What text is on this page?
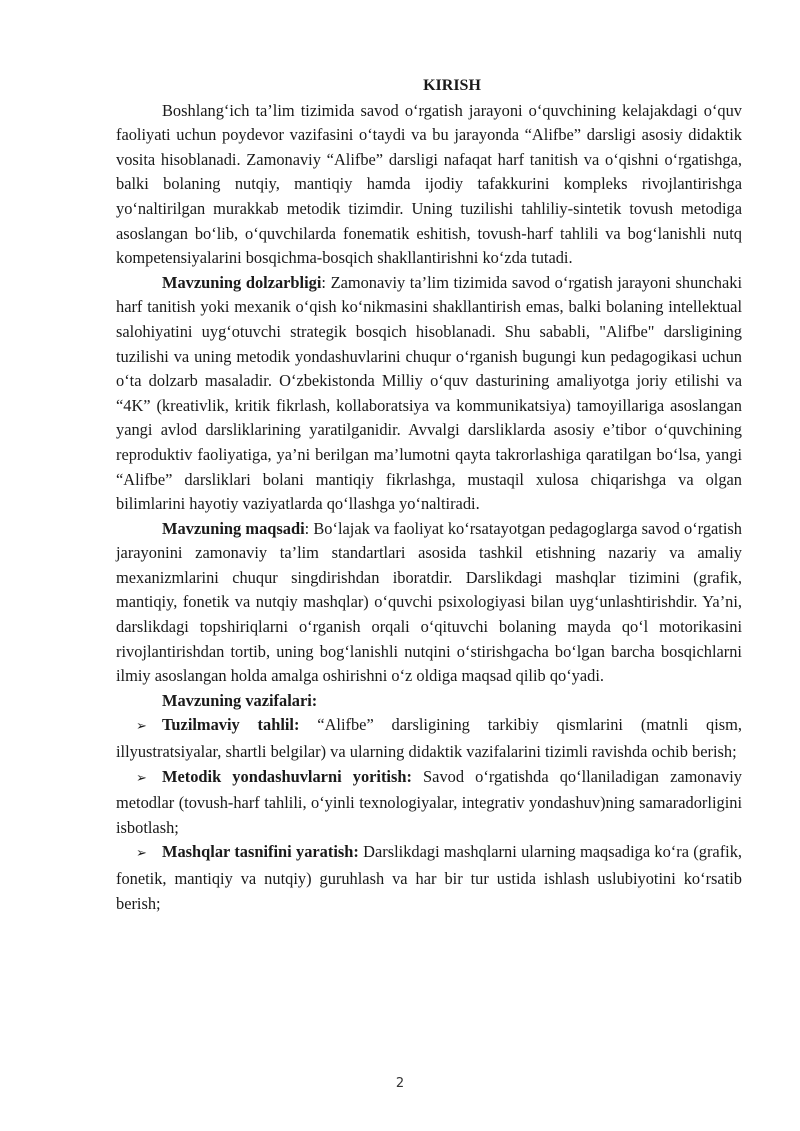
KIRISH

Boshlang‘ich ta’lim tizimida savod o‘rgatish jarayoni o‘quvchining kelajakdagi o‘quv faoliyati uchun poydevor vazifasini o‘taydi va bu jarayonda “Alifbe” darsligi asosiy didaktik vosita hisoblanadi. Zamonaviy “Alifbe” darsligi nafaqat harf tanitish va o‘qishni o‘rgatishga, balki bolaning nutqiy, mantiqiy hamda ijodiy tafakkurini kompleks rivojlantirishga yo‘naltirilgan murakkab metodik tizimdir. Uning tuzilishi tahliliy-sintetik tovush metodiga asoslangan bo‘lib, o‘quvchilarda fonematik eshitish, tovush-harf tahlili va bog‘lanishli nutq kompetensiyalarini bosqichma-bosqich shakllantirishni ko‘zda tutadi.

Mavzuning dolzarbligi: Zamonaviy ta’lim tizimida savod o‘rgatish jarayoni shunchaki harf tanitish yoki mexanik o‘qish ko‘nikmasini shakllantirish emas, balki bolaning intellektual salohiyatini uyg‘otuvchi strategik bosqich hisoblanadi. Shu sababli, "Alifbe" darsligining tuzilishi va uning metodik yondashuvlarini chuqur o‘rganish bugungi kun pedagogikasi uchun o‘ta dolzarb masaladir. O‘zbekistonda Milliy o‘quv dasturining amaliyotga joriy etilishi va “4K” (kreativlik, kritik fikrlash, kollaboratsiya va kommunikatsiya) tamoyillariga asoslangan yangi avlod darsliklarining yaratilganidir. Avvalgi darsliklarda asosiy e’tibor o‘quvchining reproduktiv faoliyatiga, ya’ni berilgan ma’lumotni qayta takrorlashiga qaratilgan bo‘lsa, yangi “Alifbe” darsliklari bolani mantiqiy fikrlashga, mustaqil xulosa chiqarishga va olgan bilimlarini hayotiy vaziyatlarda qo‘llashga yo‘naltiradi.

Mavzuning maqsadi: Bo‘lajak va faoliyat ko‘rsatayotgan pedagoglarga savod o‘rgatish jarayonini zamonaviy ta’lim standartlari asosida tashkil etishning nazariy va amaliy mexanizmlarini chuqur singdirishdan iboratdir. Darslikdagi mashqlar tizimini (grafik, mantiqiy, fonetik va nutqiy mashqlar) o‘quvchi psixologiyasi bilan uyg‘unlashtirishdir. Ya’ni, darslikdagi topshiriqlarni o‘rganish orqali o‘qituvchi bolaning mayda qo‘l motorikasini rivojlantirishdan tortib, uning bog‘lanishli nutqini o‘stirishgacha bo‘lgan barcha bosqichlarni ilmiy asoslangan holda amalga oshirishni o‘z oldiga maqsad qilib qo‘yadi.

Mavzuning vazifalari:

➢ Tuzilmaviy tahlil: “Alifbe” darsligining tarkibiy qismlarini (matnli qism, illyustratsiyalar, shartli belgilar) va ularning didaktik vazifalarini tizimli ravishda ochib berish;

➢ Metodik yondashuvlarni yoritish: Savod o‘rgatishda qo‘llaniladigan zamonaviy metodlar (tovush-harf tahlili, o‘yinli texnologiyalar, integrativ yondashuv)ning samaradorligini isbotlash;

➢ Mashqlar tasnifini yaratish: Darslikdagi mashqlarni ularning maqsadiga ko‘ra (grafik, fonetik, mantiqiy va nutqiy) guruhlash va har bir tur ustida ishlash uslubiyotini ko‘rsatib berish;

2
